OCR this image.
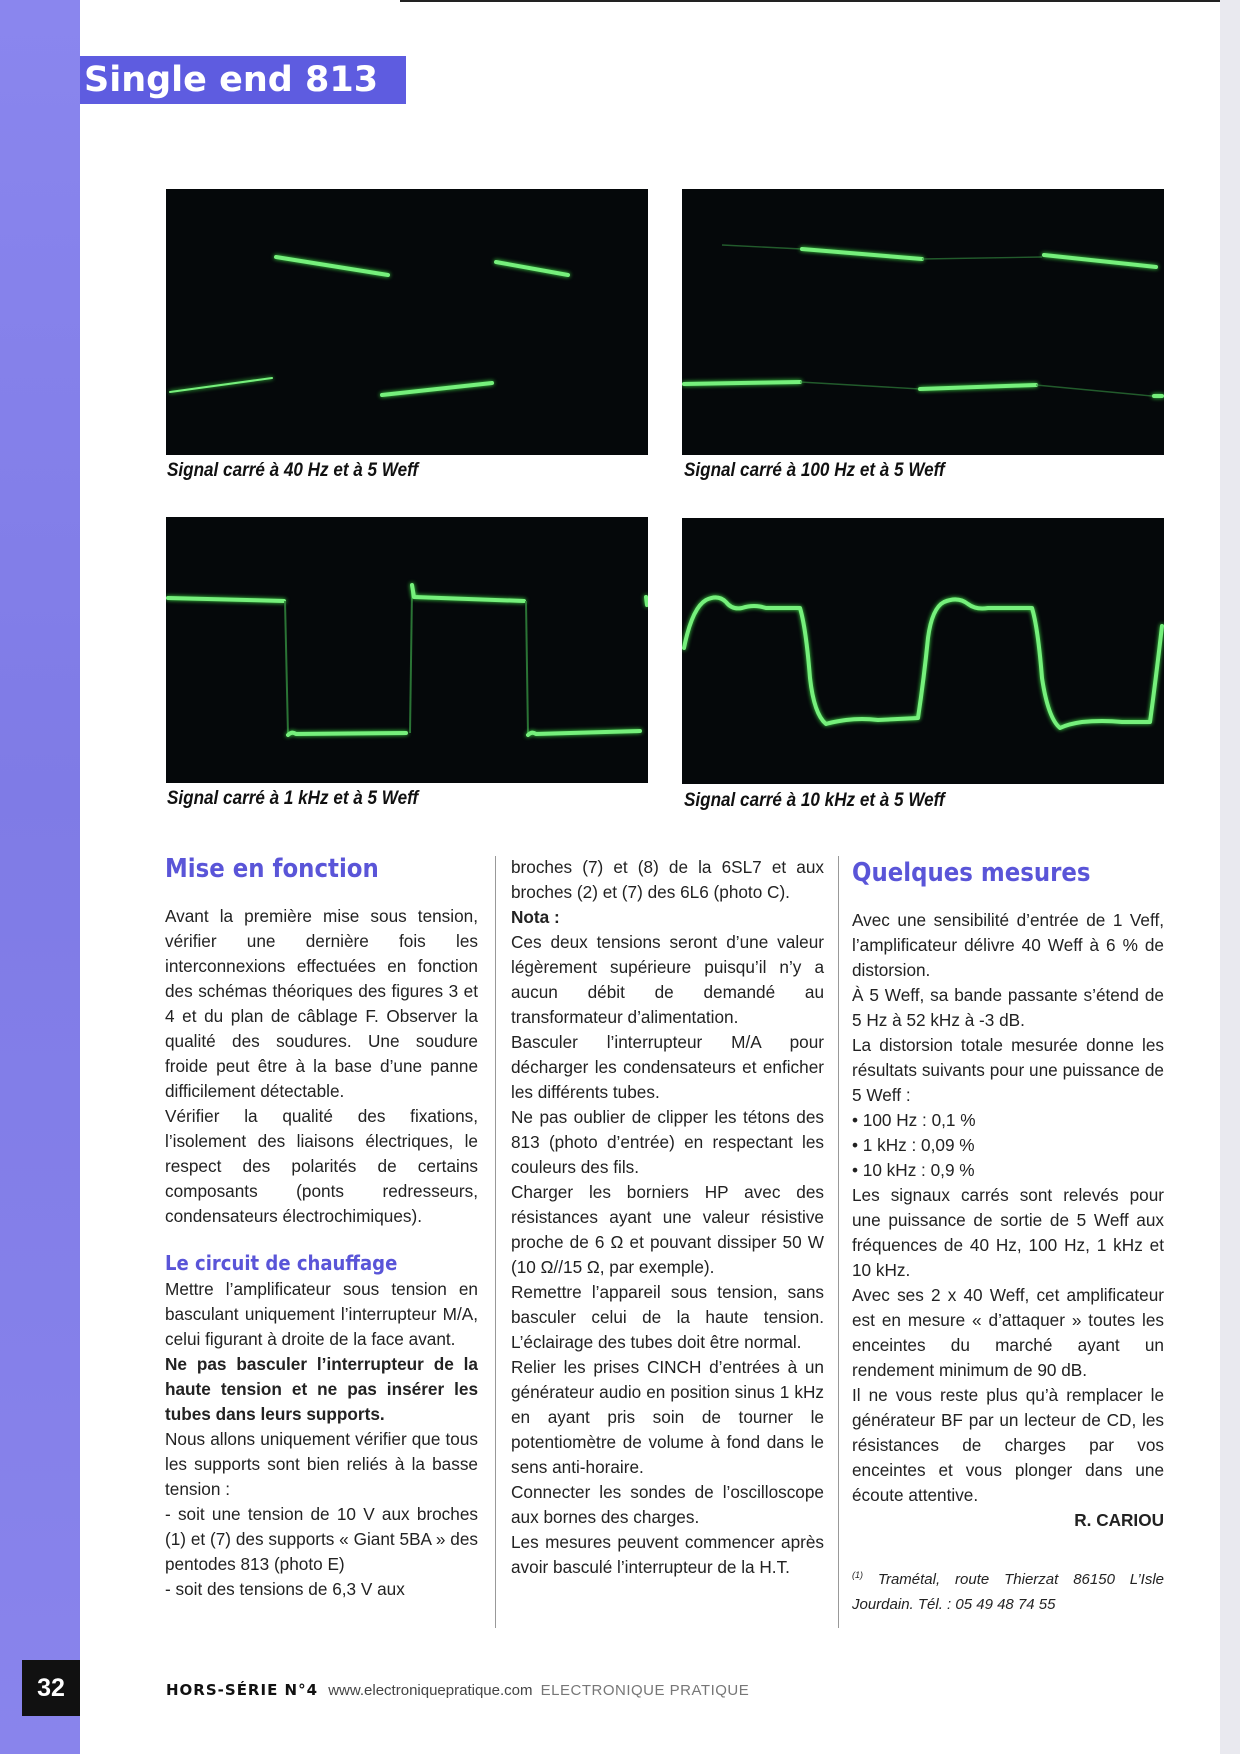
Single end 813
Signal carré à 40 Hz et à 5 Weff	Signal carré à 100 Hz et à 5 Weff
Signal carré à 1 kHz et à 5 Weff	Signal carré à 10 kHz et à 5 Weff
Mise en fonction

Avant la première mise sous tension, vérifier une dernière fois les interconnexions effectuées en fonction des schémas théoriques des figures 3 et 4 et du plan de câblage F. Observer la qualité des soudures. Une soudure froide peut être à la base d’une panne difficilement détectable.

Vérifier la qualité des fixations, l’isolement des liaisons électriques, le respect des polarités de certains composants (ponts redresseurs, condensateurs électrochimiques).

Le circuit de chauffage

Mettre l’amplificateur sous tension en basculant uniquement l’interrupteur M/A, celui figurant à droite de la face avant.

Ne pas basculer l’interrupteur de la haute tension et ne pas insérer les tubes dans leurs supports.

Nous allons uniquement vérifier que tous les supports sont bien reliés à la basse tension :

- soit une tension de 10 V aux broches (1) et (7) des supports « Giant 5BA » des pentodes 813 (photo E)

- soit des tensions de 6,3 V aux

broches (7) et (8) de la 6SL7 et aux broches (2) et (7) des 6L6 (photo C).

Nota :

Ces deux tensions seront d’une valeur légèrement supérieure puisqu’il n’y a aucun débit de demandé au transformateur d’alimentation.

Basculer l’interrupteur M/A pour décharger les condensateurs et enficher les différents tubes.

Ne pas oublier de clipper les tétons des 813 (photo d’entrée) en respectant les couleurs des fils.

Charger les borniers HP avec des résistances ayant une valeur résistive proche de 6 Ω et pouvant dissiper 50 W (10 Ω//15 Ω, par exemple).

Remettre l’appareil sous tension, sans basculer celui de la haute tension. L’éclairage des tubes doit être normal.

Relier les prises CINCH d’entrées à un générateur audio en position sinus 1 kHz en ayant pris soin de tourner le potentiomètre de volume à fond dans le sens anti-horaire.

Connecter les sondes de l’oscilloscope aux bornes des charges.

Les mesures peuvent commencer après avoir basculé l’interrupteur de la H.T.

Quelques mesures

Avec une sensibilité d’entrée de 1 Veff, l’amplificateur délivre 40 Weff à 6 % de distorsion.

À 5 Weff, sa bande passante s’étend de 5 Hz à 52 kHz à -3 dB.

La distorsion totale mesurée donne les résultats suivants pour une puissance de 5 Weff :

• 100 Hz : 0,1 %

• 1 kHz : 0,09 %

• 10 kHz : 0,9 %

Les signaux carrés sont relevés pour une puissance de sortie de 5 Weff aux fréquences de 40 Hz, 100 Hz, 1 kHz et 10 kHz.

Avec ses 2 x 40 Weff, cet amplificateur est en mesure « d’attaquer » toutes les enceintes du marché ayant un rendement minimum de 90 dB.

Il ne vous reste plus qu’à remplacer le générateur BF par un lecteur de CD, les résistances de charges par vos enceintes et vous plonger dans une écoute attentive.

R. CARIOU

$^{(1)}$ Tramétal, route Thierzat 86150 L’Isle Jourdain. Tél. : 05 49 48 74 55

32	HORS-SÉRIE N°4 www.electroniquepratique.com ELECTRONIQUE PRATIQUE
